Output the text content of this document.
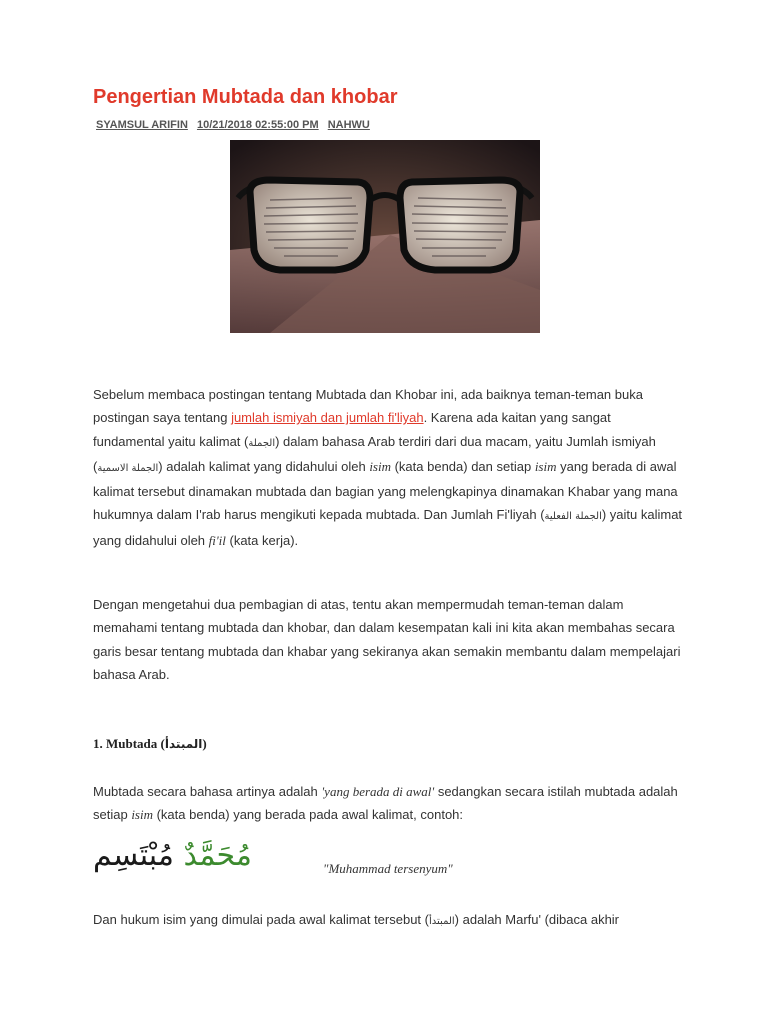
Pengertian Mubtada dan khobar
SYAMSUL ARIFIN 10/21/2018 02:55:00 PM NAHWU
Sebelum membaca postingan tentang Mubtada dan Khobar ini, ada baiknya teman-teman buka postingan saya tentang jumlah ismiyah dan jumlah fi'liyah. Karena ada kaitan yang sangat fundamental yaitu kalimat (الجملة) dalam bahasa Arab terdiri dari dua macam, yaitu Jumlah ismiyah (الجملة الاسمية) adalah kalimat yang didahului oleh isim (kata benda) dan setiap isim yang berada di awal kalimat tersebut dinamakan mubtada dan bagian yang melengkapinya dinamakan Khabar yang mana hukumnya dalam I'rab harus mengikuti kepada mubtada. Dan Jumlah Fi'liyah (الجملة الفعلية) yaitu kalimat yang didahului oleh fi'il (kata kerja).
Dengan mengetahui dua pembagian di atas, tentu akan mempermudah teman-teman dalam memahami tentang mubtada dan khobar, dan dalam kesempatan kali ini kita akan membahas secara garis besar tentang mubtada dan khabar yang sekiranya akan semakin membantu dalam mempelajari bahasa Arab.
1. Mubtada (المبتدأ)
Mubtada secara bahasa artinya adalah 'yang berada di awal' sedangkan secara istilah mubtada adalah setiap isim (kata benda) yang berada pada awal kalimat, contoh:
مُحَمَّدٌ مُبْتَسِم	"Muhammad tersenyum"
Dan hukum isim yang dimulai pada awal kalimat tersebut (المبتدأ) adalah Marfu' (dibaca akhir
